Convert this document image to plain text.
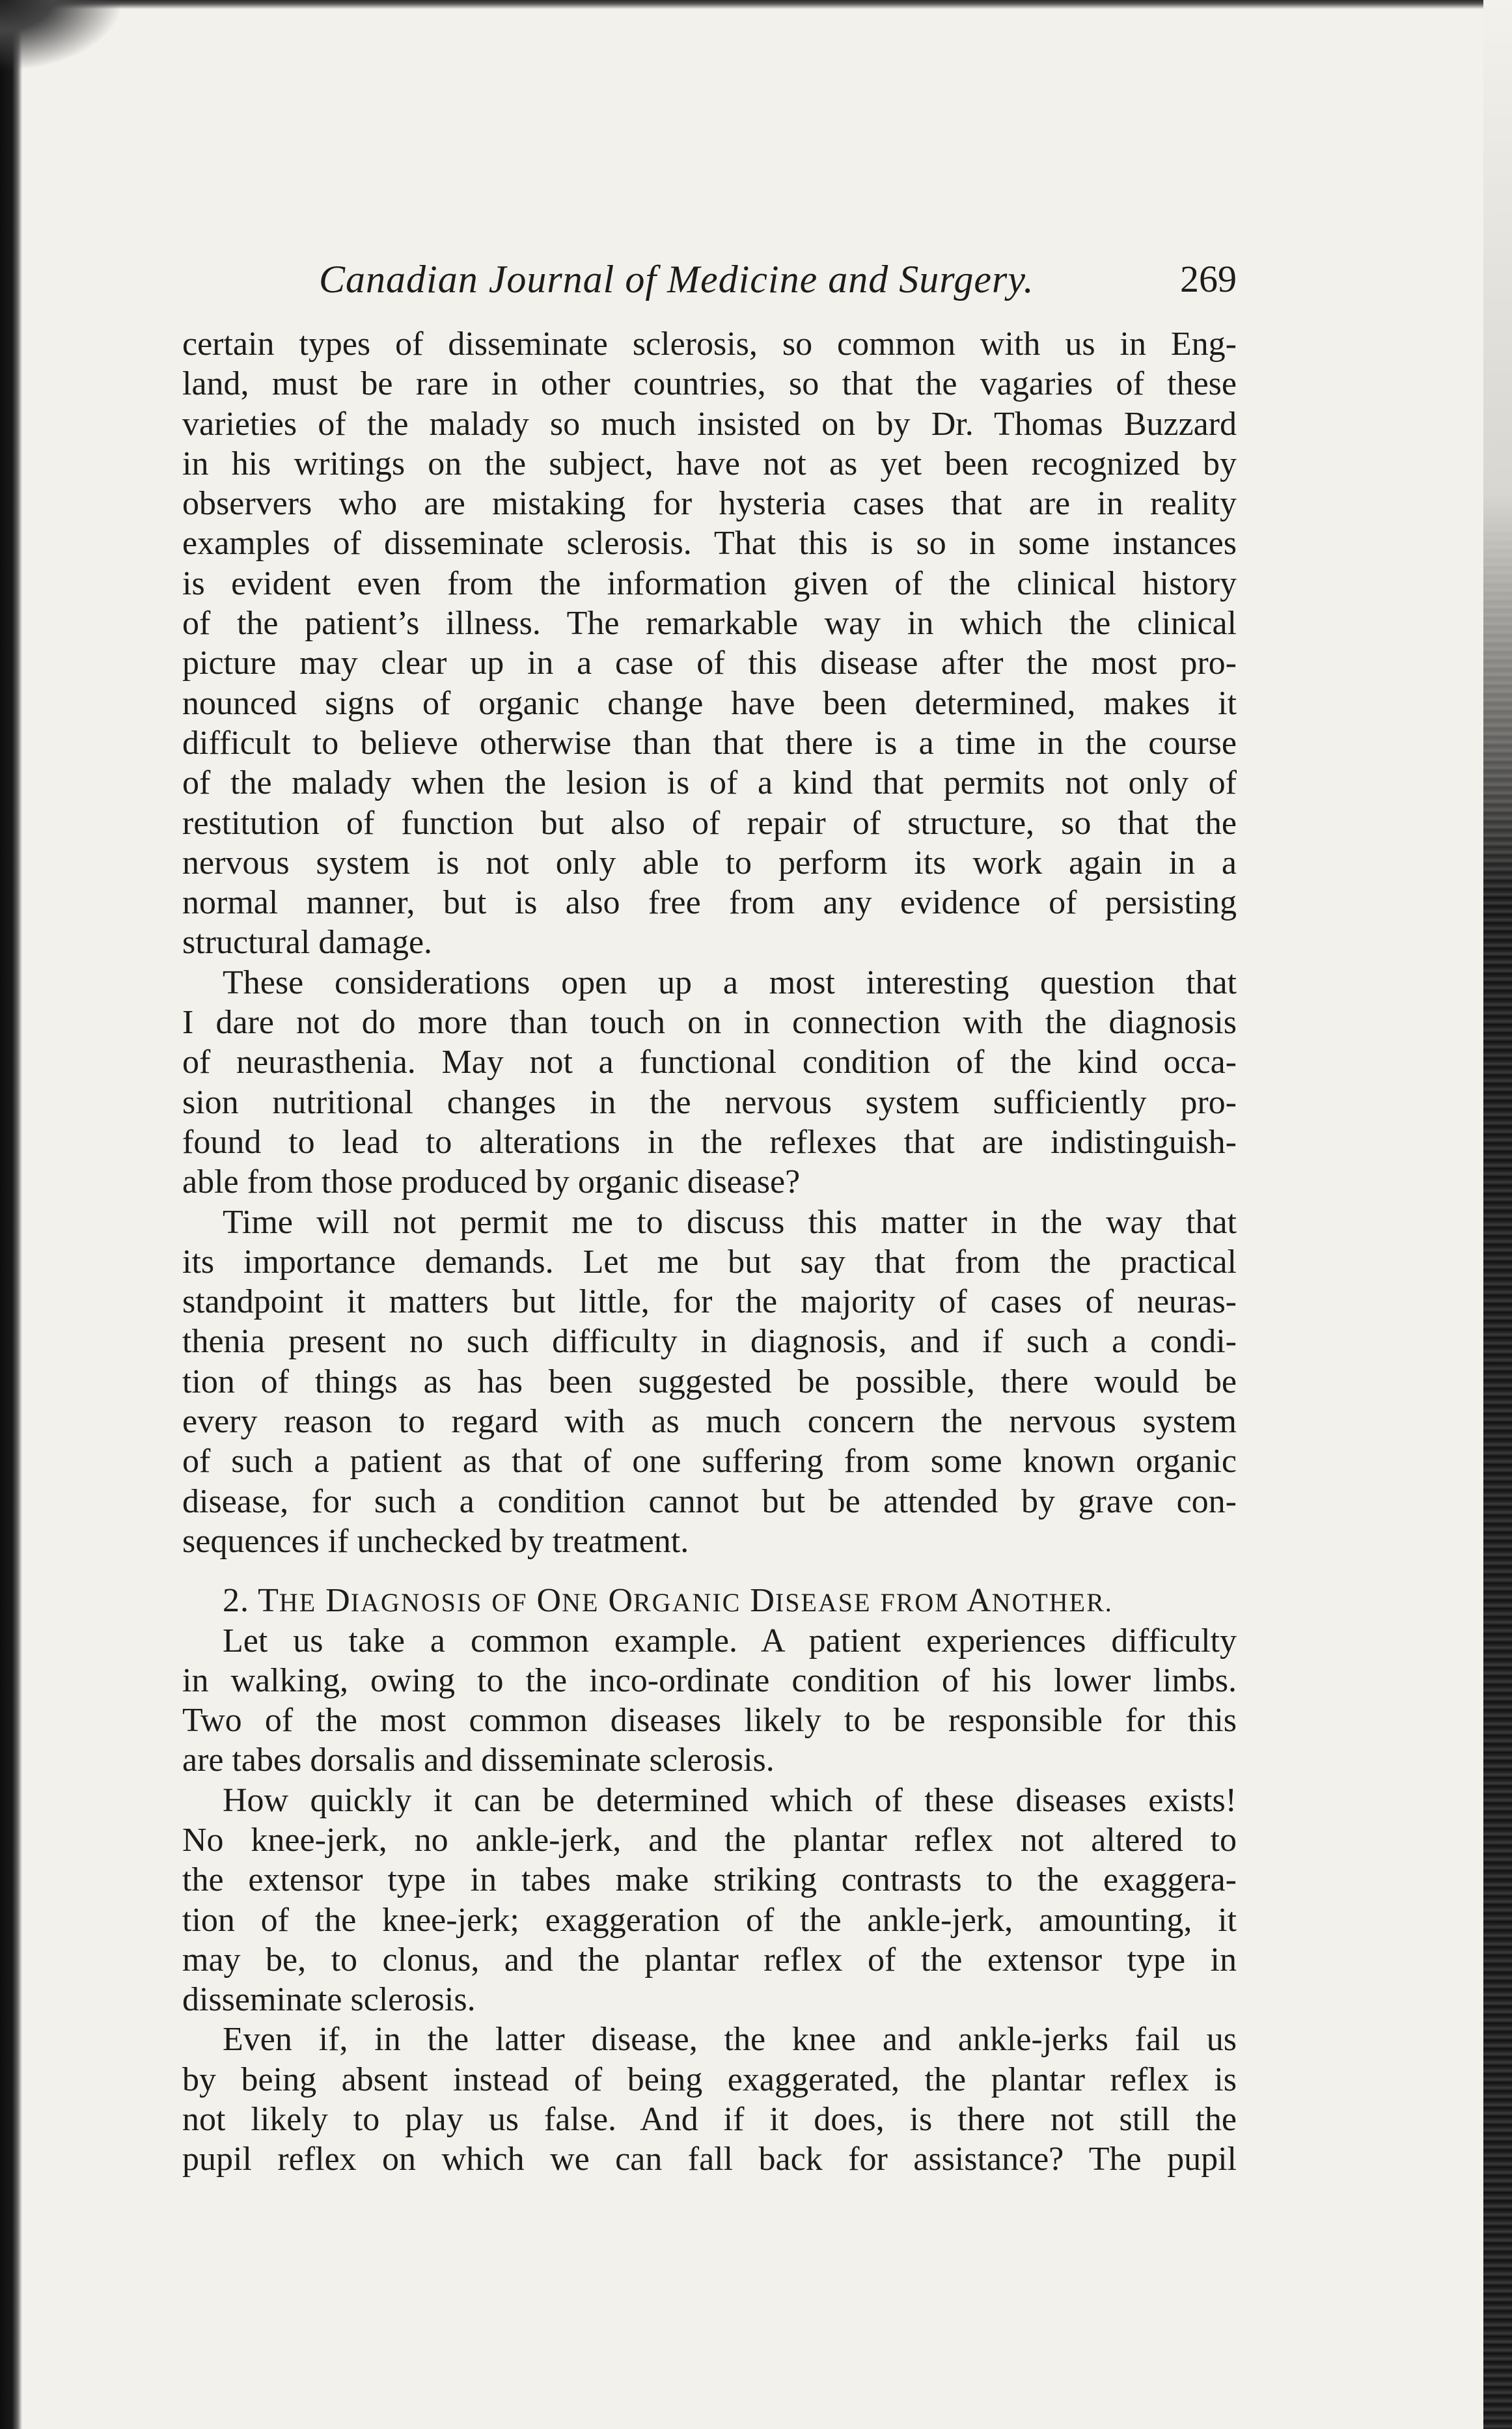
Canadian Journal of Medicine and Surgery.	269
certain types of disseminate sclerosis, so common with us in Eng-
land, must be rare in other countries, so that the vagaries of these
varieties of the malady so much insisted on by Dr. Thomas Buzzard
in his writings on the subject, have not as yet been recognized by
observers who are mistaking for hysteria cases that are in reality
examples of disseminate sclerosis. That this is so in some instances
is evident even from the information given of the clinical history
of the patient’s illness. The remarkable way in which the clinical
picture may clear up in a case of this disease after the most pro-
nounced signs of organic change have been determined, makes it
difficult to believe otherwise than that there is a time in the course
of the malady when the lesion is of a kind that permits not only of
restitution of function but also of repair of structure, so that the
nervous system is not only able to perform its work again in a
normal manner, but is also free from any evidence of persisting
structural damage.
These considerations open up a most interesting question that
I dare not do more than touch on in connection with the diagnosis
of neurasthenia. May not a functional condition of the kind occa-
sion nutritional changes in the nervous system sufficiently pro-
found to lead to alterations in the reflexes that are indistinguish-
able from those produced by organic disease?
Time will not permit me to discuss this matter in the way that
its importance demands. Let me but say that from the practical
standpoint it matters but little, for the majority of cases of neuras-
thenia present no such difficulty in diagnosis, and if such a condi-
tion of things as has been suggested be possible, there would be
every reason to regard with as much concern the nervous system
of such a patient as that of one suffering from some known organic
disease, for such a condition cannot but be attended by grave con-
sequences if unchecked by treatment.
2. THE DIAGNOSIS OF ONE ORGANIC DISEASE FROM ANOTHER.
Let us take a common example. A patient experiences difficulty
in walking, owing to the inco-ordinate condition of his lower limbs.
Two of the most common diseases likely to be responsible for this
are tabes dorsalis and disseminate sclerosis.
How quickly it can be determined which of these diseases exists!
No knee-jerk, no ankle-jerk, and the plantar reflex not altered to
the extensor type in tabes make striking contrasts to the exaggera-
tion of the knee-jerk; exaggeration of the ankle-jerk, amounting, it
may be, to clonus, and the plantar reflex of the extensor type in
disseminate sclerosis.
Even if, in the latter disease, the knee and ankle-jerks fail us
by being absent instead of being exaggerated, the plantar reflex is
not likely to play us false. And if it does, is there not still the
pupil reflex on which we can fall back for assistance? The pupil
